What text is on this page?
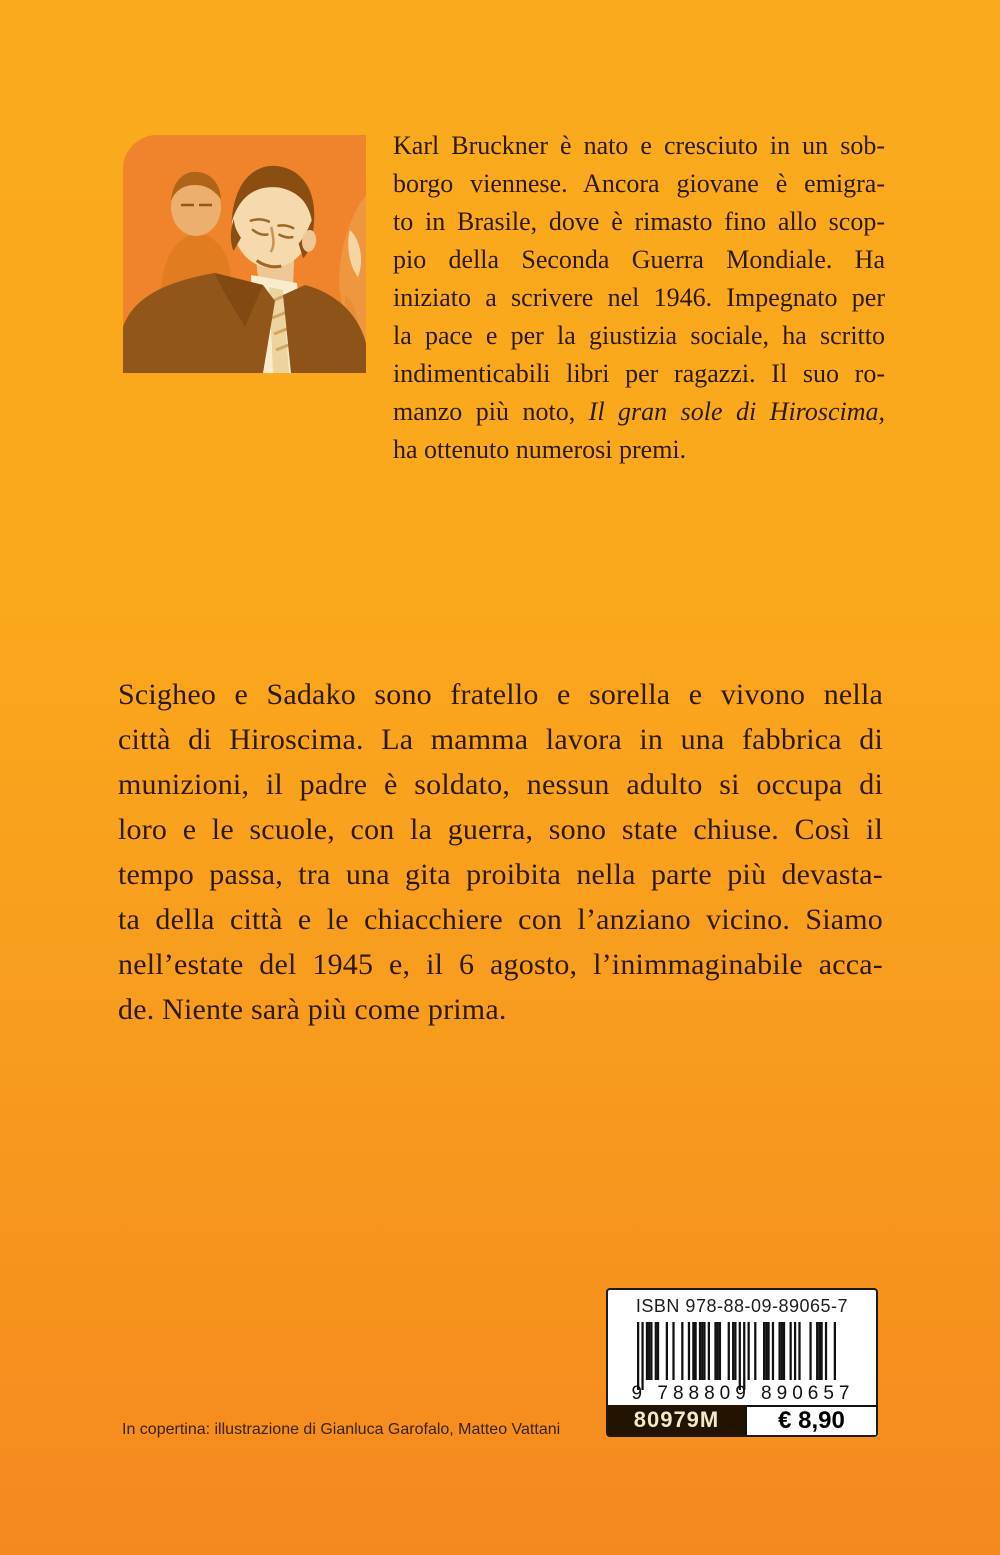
Karl Bruckner è nato e cresciuto in un sob-
borgo viennese. Ancora giovane è emigra-
to in Brasile, dove è rimasto fino allo scop-
pio della Seconda Guerra Mondiale. Ha
iniziato a scrivere nel 1946. Impegnato per
la pace e per la giustizia sociale, ha scritto
indimenticabili libri per ragazzi. Il suo ro-
manzo più noto, Il gran sole di Hiroscima,
ha ottenuto numerosi premi.
Scigheo e Sadako sono fratello e sorella e vivono nella
città di Hiroscima. La mamma lavora in una fabbrica di
munizioni, il padre è soldato, nessun adulto si occupa di
loro e le scuole, con la guerra, sono state chiuse. Così il
tempo passa, tra una gita proibita nella parte più devasta-
ta della città e le chiacchiere con l’anziano vicino. Siamo
nell’estate del 1945 e, il 6 agosto, l’inimmaginabile acca-
de. Niente sarà più come prima.
In copertina: illustrazione di Gianluca Garofalo, Matteo Vattani
ISBN 978-88-09-89065-7
9 788809 890657
80979M	€ 8,90
